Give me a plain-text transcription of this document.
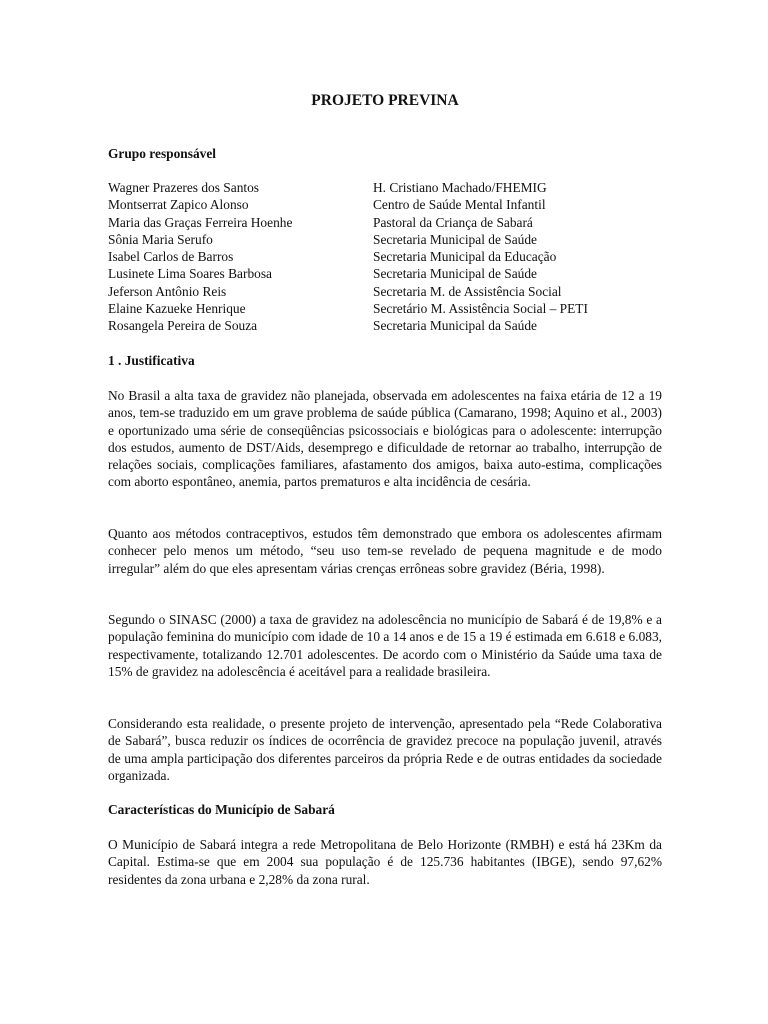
PROJETO PREVINA

Grupo responsável

Wagner Prazeres dos Santos	H. Cristiano Machado/FHEMIG
Montserrat Zapico Alonso	Centro de Saúde Mental Infantil
Maria das Graças Ferreira Hoenhe	Pastoral da Criança de Sabará
Sônia Maria Serufo	Secretaria Municipal de Saúde
Isabel Carlos de Barros	Secretaria Municipal da Educação
Lusinete Lima Soares Barbosa	Secretaria Municipal de Saúde
Jeferson Antônio Reis	Secretaria M. de Assistência Social
Elaine Kazueke Henrique	Secretário M. Assistência Social – PETI
Rosangela Pereira de Souza	Secretaria Municipal da Saúde

1 . Justificativa

No Brasil a alta taxa de gravidez não planejada, observada em adolescentes na faixa etária de 12 a 19 anos, tem-se traduzido em um grave problema de saúde pública (Camarano, 1998; Aquino et al., 2003) e oportunizado uma série de conseqüências psicossociais e biológicas para o adolescente: interrupção dos estudos, aumento de DST/Aids, desemprego e dificuldade de retornar ao trabalho, interrupção de relações sociais, complicações familiares, afastamento dos amigos, baixa auto-estima, complicações com aborto espontâneo, anemia, partos prematuros e alta incidência de cesária.

Quanto aos métodos contraceptivos, estudos têm demonstrado que embora os adolescentes afirmam conhecer pelo menos um método, “seu uso tem-se revelado de pequena magnitude e de modo irregular” além do que eles apresentam várias crenças errôneas sobre gravidez (Béria, 1998).

Segundo o SINASC (2000) a taxa de gravidez na adolescência no município de Sabará é de 19,8% e a população feminina do município com idade de 10 a 14 anos e de 15 a 19 é estimada em 6.618 e 6.083, respectivamente, totalizando 12.701 adolescentes. De acordo com o Ministério da Saúde uma taxa de 15% de gravidez na adolescência é aceitável para a realidade brasileira.

Considerando esta realidade, o presente projeto de intervenção, apresentado pela “Rede Colaborativa de Sabará”, busca reduzir os índices de ocorrência de gravidez precoce na população juvenil, através de uma ampla participação dos diferentes parceiros da própria Rede e de outras entidades da sociedade organizada.

Características do Município de Sabará

O Município de Sabará integra a rede Metropolitana de Belo Horizonte (RMBH) e está há 23Km da Capital. Estima-se que em 2004 sua população é de 125.736 habitantes (IBGE), sendo 97,62% residentes da zona urbana e 2,28% da zona rural.
